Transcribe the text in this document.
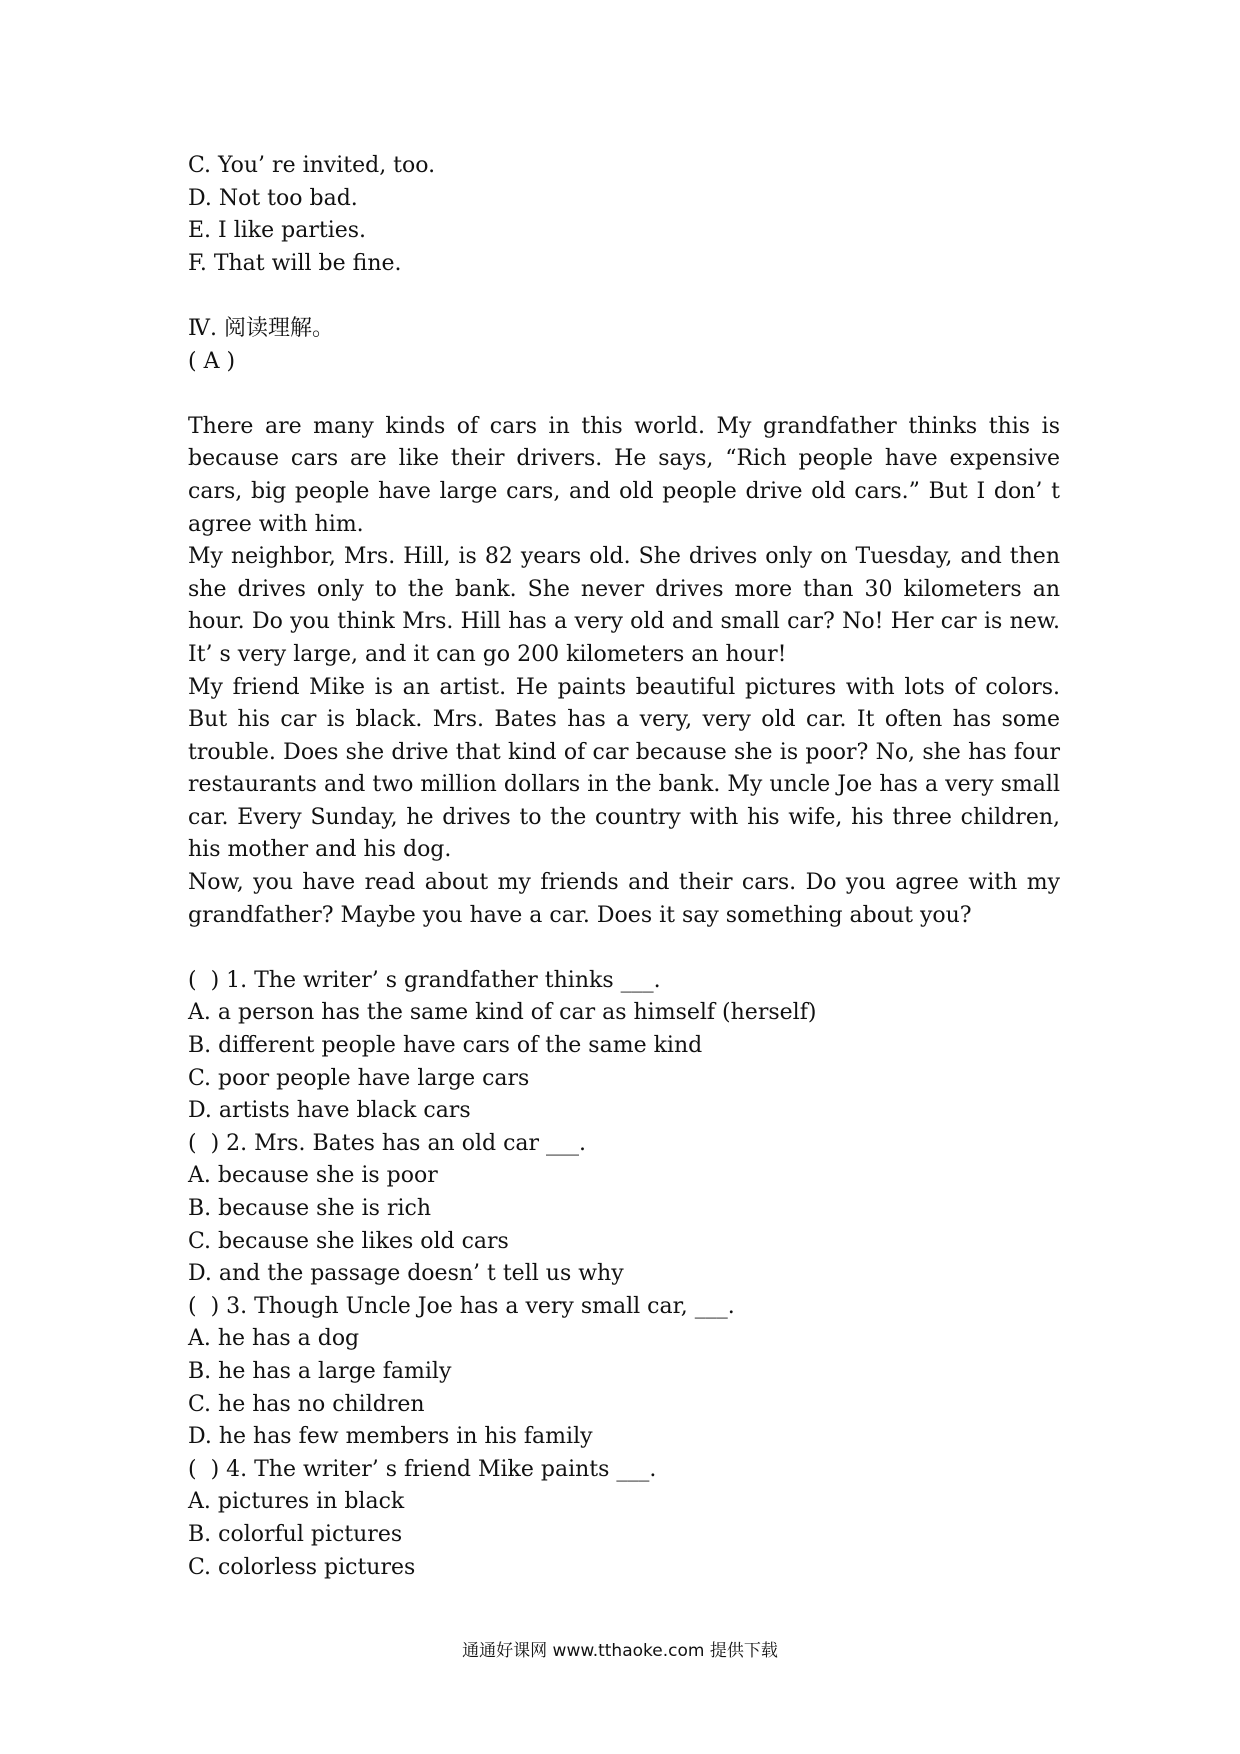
C. You’ re invited, too.
D. Not too bad.
E. I like parties.
F. That will be fine.
Ⅳ. 阅读理解。
( A )

There are many kinds of cars in this world. My grandfather thinks this is because cars are like their drivers. He says, “Rich people have expensive cars, big people have large cars, and old people drive old cars.” But I don’ t agree with him.

My neighbor, Mrs. Hill, is 82 years old. She drives only on Tuesday, and then she drives only to the bank. She never drives more than 30 kilometers an hour. Do you think Mrs. Hill has a very old and small car? No! Her car is new. It’ s very large, and it can go 200 kilometers an hour!

My friend Mike is an artist. He paints beautiful pictures with lots of colors. But his car is black. Mrs. Bates has a very, very old car. It often has some trouble. Does she drive that kind of car because she is poor? No, she has four restaurants and two million dollars in the bank. My uncle Joe has a very small car. Every Sunday, he drives to the country with his wife, his three children, his mother and his dog.

Now, you have read about my friends and their cars. Do you agree with my grandfather? Maybe you have a car. Does it say something about you?

(  ) 1. The writer’ s grandfather thinks ___.
A. a person has the same kind of car as himself (herself)
B. different people have cars of the same kind
C. poor people have large cars
D. artists have black cars
(  ) 2. Mrs. Bates has an old car ___.
A. because she is poor
B. because she is rich
C. because she likes old cars
D. and the passage doesn’ t tell us why
(  ) 3. Though Uncle Joe has a very small car, ___.
A. he has a dog
B. he has a large family
C. he has no children
D. he has few members in his family
(  ) 4. The writer’ s friend Mike paints ___.
A. pictures in black
B. colorful pictures
C. colorless pictures
通通好课网 www.tthaoke.com 提供下载
